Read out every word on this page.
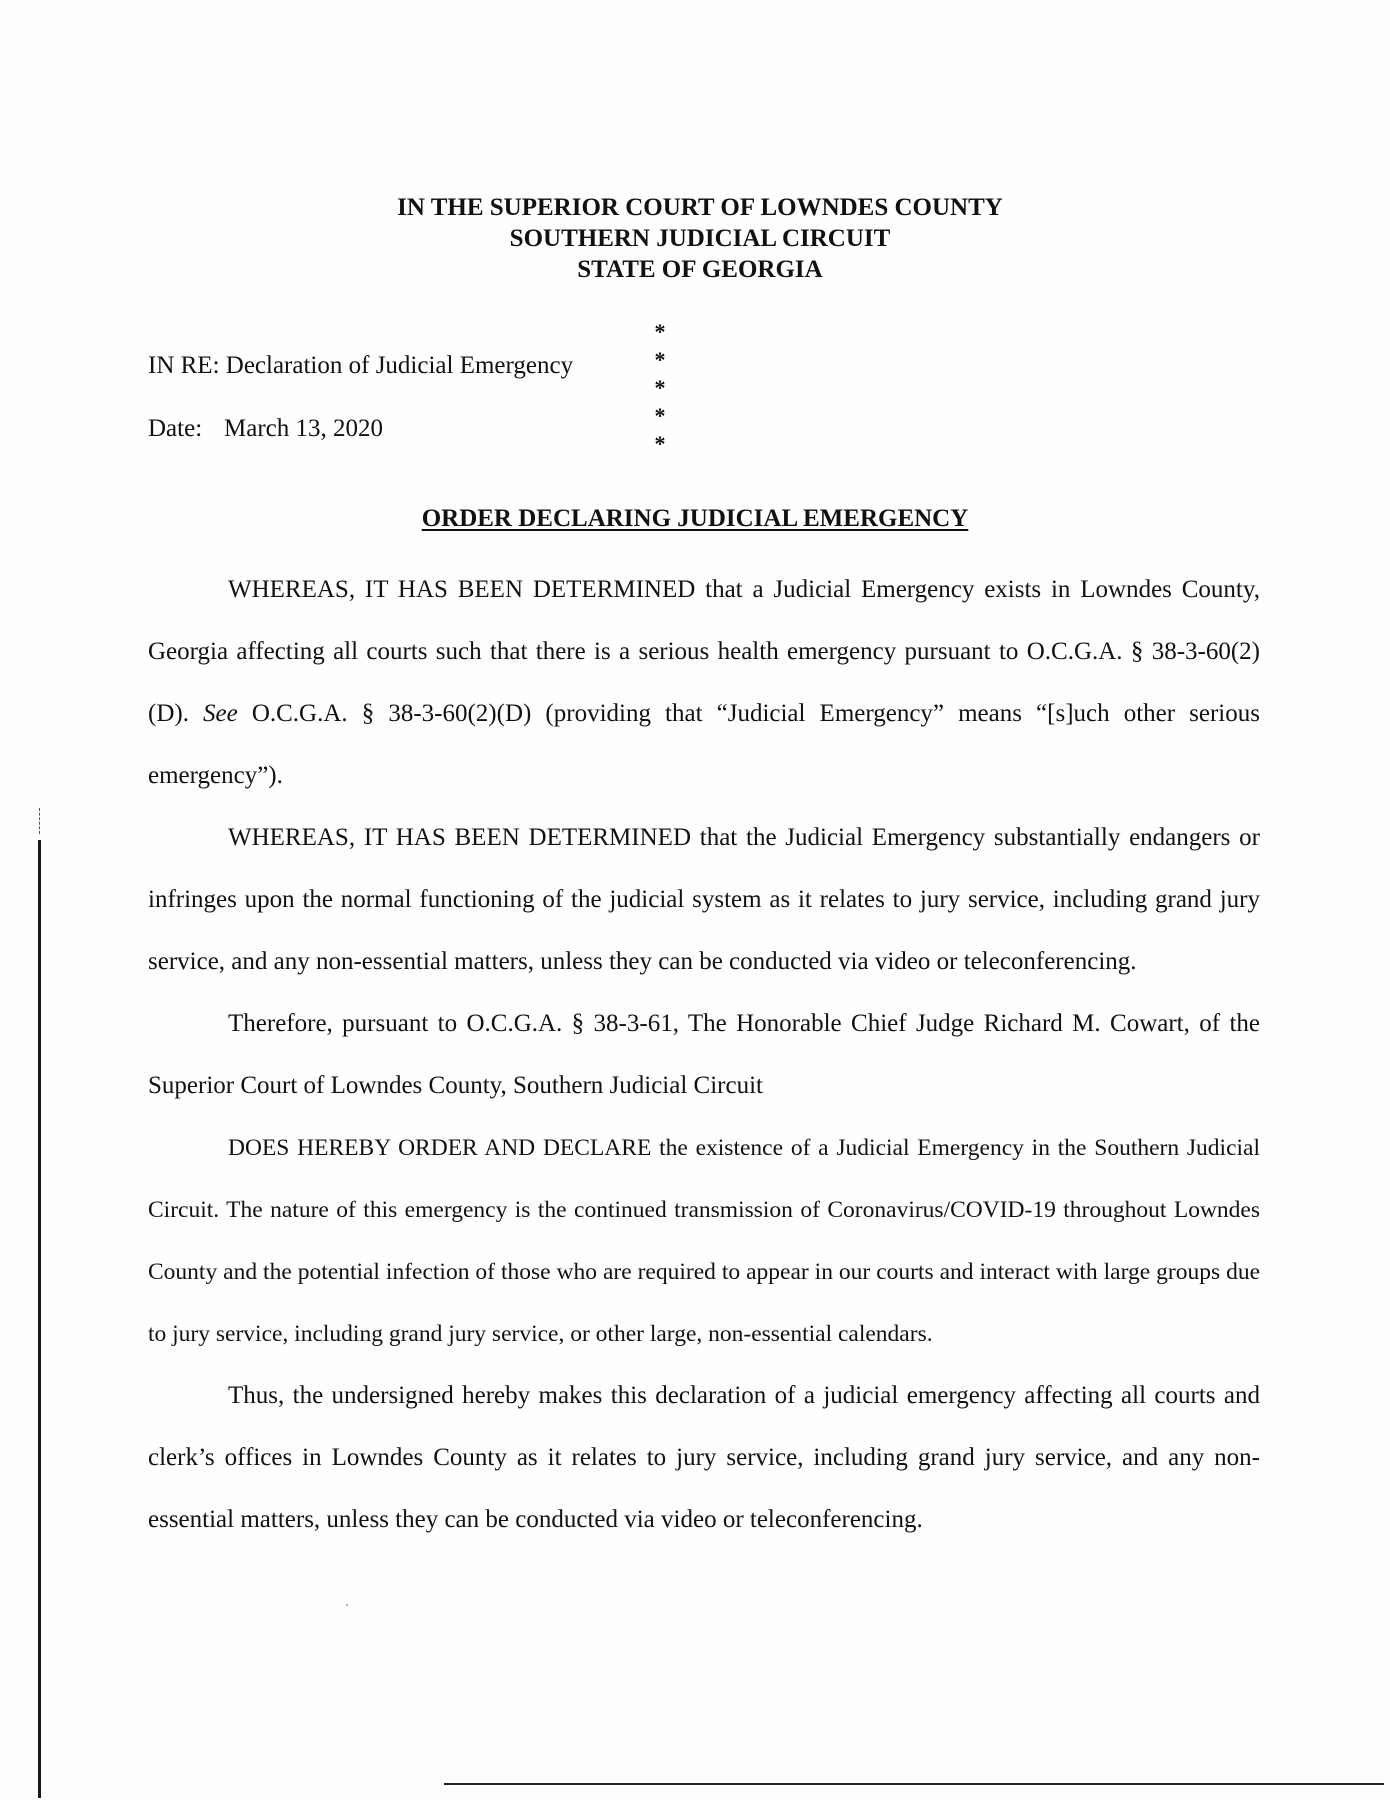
IN THE SUPERIOR COURT OF LOWNDES COUNTY
SOUTHERN JUDICIAL CIRCUIT
STATE OF GEORGIA
*
*
*
*
*
IN RE: Declaration of Judicial Emergency
Date: March 13, 2020
ORDER DECLARING JUDICIAL EMERGENCY

WHEREAS, IT HAS BEEN DETERMINED that a Judicial Emergency exists in Lowndes County, Georgia affecting all courts such that there is a serious health emergency pursuant to O.C.G.A. § 38-3-60(2)(D). See O.C.G.A. § 38-3-60(2)(D) (providing that “Judicial Emergency” means “[s]uch other serious emergency”).

WHEREAS, IT HAS BEEN DETERMINED that the Judicial Emergency substantially endangers or infringes upon the normal functioning of the judicial system as it relates to jury service, including grand jury service, and any non-essential matters, unless they can be conducted via video or teleconferencing.

Therefore, pursuant to O.C.G.A. § 38-3-61, The Honorable Chief Judge Richard M. Cowart, of the Superior Court of Lowndes County, Southern Judicial Circuit

DOES HEREBY ORDER AND DECLARE the existence of a Judicial Emergency in the Southern Judicial Circuit. The nature of this emergency is the continued transmission of Coronavirus/COVID-19 throughout Lowndes County and the potential infection of those who are required to appear in our courts and interact with large groups due to jury service, including grand jury service, or other large, non-essential calendars.

Thus, the undersigned hereby makes this declaration of a judicial emergency affecting all courts and clerk’s offices in Lowndes County as it relates to jury service, including grand jury service, and any non-essential matters, unless they can be conducted via video or teleconferencing.
